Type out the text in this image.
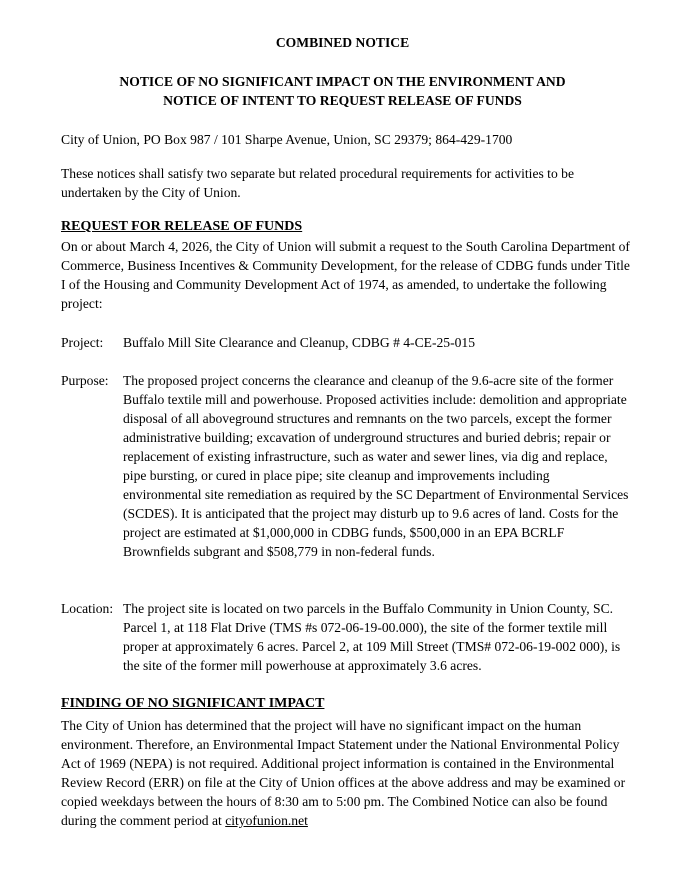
COMBINED NOTICE
NOTICE OF NO SIGNIFICANT IMPACT ON THE ENVIRONMENT AND
NOTICE OF INTENT TO REQUEST RELEASE OF FUNDS

City of Union, PO Box 987 / 101 Sharpe Avenue, Union, SC 29379; 864-429-1700

These notices shall satisfy two separate but related procedural requirements for activities to be undertaken by the City of Union.

REQUEST FOR RELEASE OF FUNDS

On or about March 4, 2026, the City of Union will submit a request to the South Carolina Department of Commerce, Business Incentives & Community Development, for the release of CDBG funds under Title I of the Housing and Community Development Act of 1974, as amended, to undertake the following project:

Project:	Buffalo Mill Site Clearance and Cleanup, CDBG # 4-CE-25-015
Purpose:	The proposed project concerns the clearance and cleanup of the 9.6-acre site of the former Buffalo textile mill and powerhouse. Proposed activities include: demolition and appropriate disposal of all aboveground structures and remnants on the two parcels, except the former administrative building; excavation of underground structures and buried debris; repair or replacement of existing infrastructure, such as water and sewer lines, via dig and replace, pipe bursting, or cured in place pipe; site cleanup and improvements including environmental site remediation as required by the SC Department of Environmental Services (SCDES). It is anticipated that the project may disturb up to 9.6 acres of land. Costs for the project are estimated at $1,000,000 in CDBG funds, $500,000 in an EPA BCRLF Brownfields subgrant and $508,779 in non-federal funds.
Location: The project site is located on two parcels in the Buffalo Community in Union County, SC. Parcel 1, at 118 Flat Drive (TMS #s 072-06-19-00.000), the site of the former textile mill proper at approximately 6 acres. Parcel 2, at 109 Mill Street (TMS# 072-06-19-002 000), is the site of the former mill powerhouse at approximately 3.6 acres.
FINDING OF NO SIGNIFICANT IMPACT

The City of Union has determined that the project will have no significant impact on the human environment. Therefore, an Environmental Impact Statement under the National Environmental Policy Act of 1969 (NEPA) is not required. Additional project information is contained in the Environmental Review Record (ERR) on file at the City of Union offices at the above address and may be examined or copied weekdays between the hours of 8:30 am to 5:00 pm. The Combined Notice can also be found during the comment period at cityofunion.net
